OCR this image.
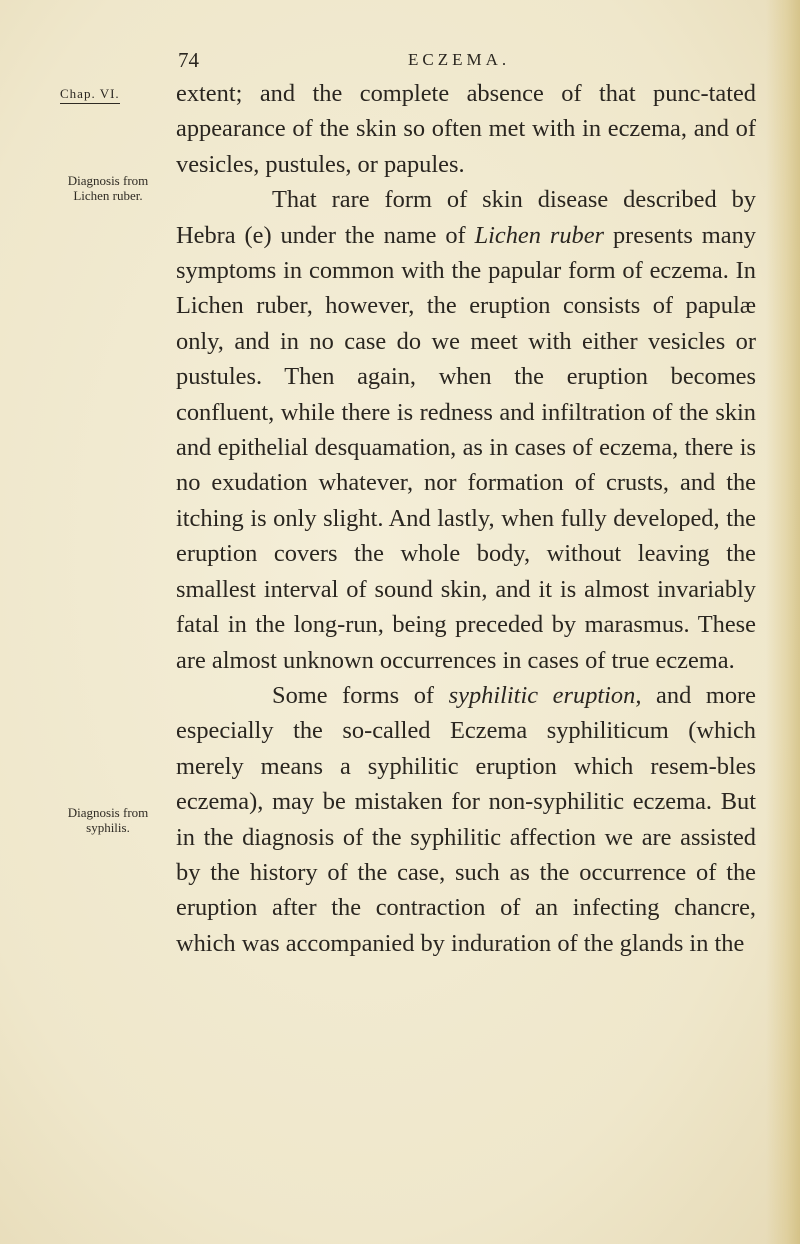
74	ECZEMA.
Chap. VI.
Diagnosis from
Lichen ruber.
Diagnosis from
syphilis.

extent; and the complete absence of that punc-tated appearance of the skin so often met with in eczema, and of vesicles, pustules, or papules.

That rare form of skin disease described by Hebra (e) under the name of Lichen ruber presents many symptoms in common with the papular form of eczema. In Lichen ruber, however, the eruption consists of papulæ only, and in no case do we meet with either vesicles or pustules. Then again, when the eruption becomes confluent, while there is redness and infiltration of the skin and epithelial desquamation, as in cases of eczema, there is no exudation whatever, nor formation of crusts, and the itching is only slight. And lastly, when fully developed, the eruption covers the whole body, without leaving the smallest interval of sound skin, and it is almost invariably fatal in the long-run, being preceded by marasmus. These are almost unknown occurrences in cases of true eczema.

Some forms of syphilitic eruption, and more especially the so-called Eczema syphiliticum (which merely means a syphilitic eruption which resem-bles eczema), may be mistaken for non-syphilitic eczema. But in the diagnosis of the syphilitic affection we are assisted by the history of the case, such as the occurrence of the eruption after the contraction of an infecting chancre, which was accompanied by induration of the glands in the
